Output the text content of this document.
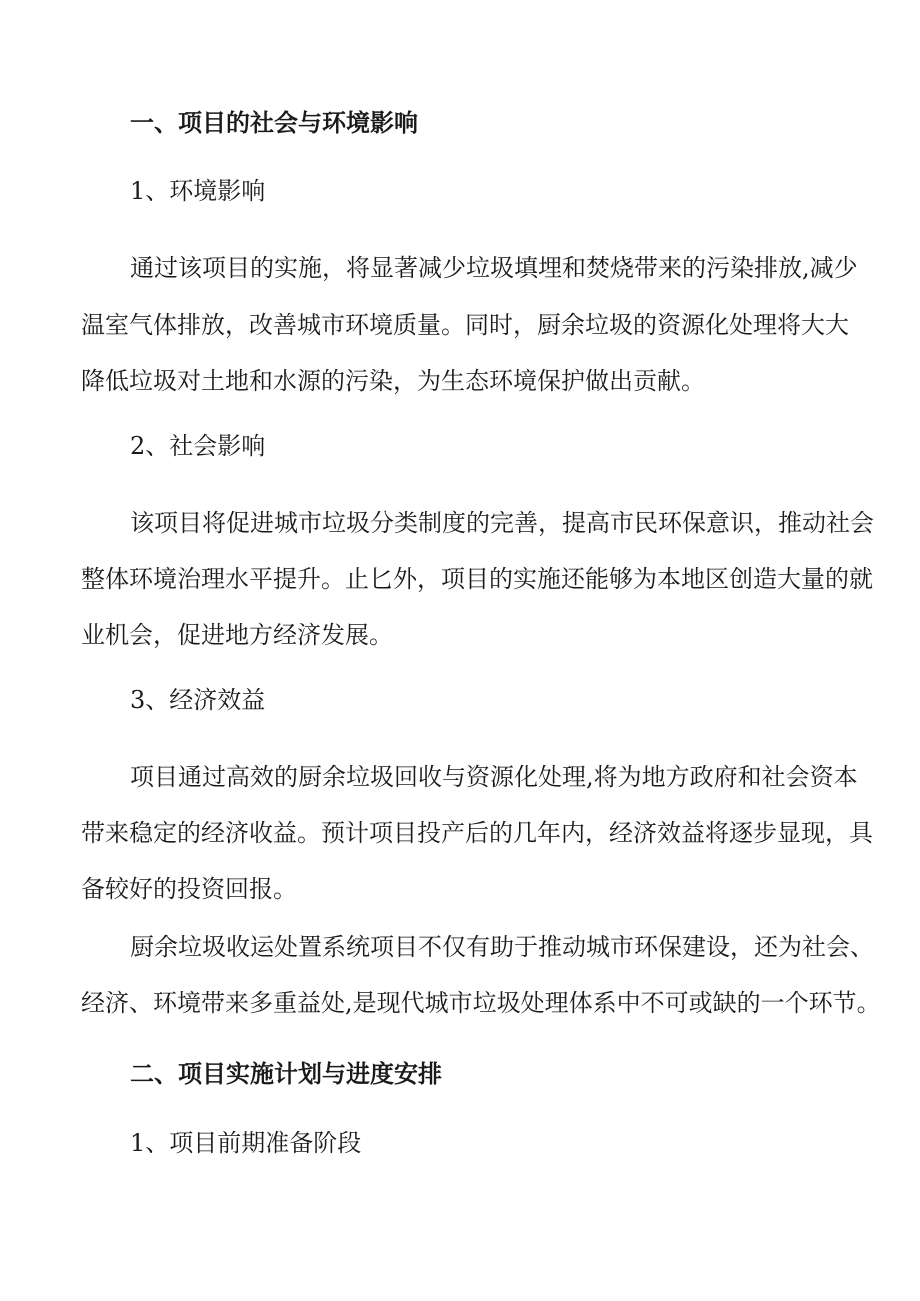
一、项目的社会与环境影响
1、环境影响
通过该项目的实施，将显著减少垃圾填埋和焚烧带来的污染排放,减少
温室气体排放，改善城市环境质量。同时，厨余垃圾的资源化处理将大大
降低垃圾对土地和水源的污染，为生态环境保护做出贡献。
2、社会影响
该项目将促进城市垃圾分类制度的完善，提高市民环保意识，推动社会
整体环境治理水平提升。止匕外，项目的实施还能够为本地区创造大量的就
业机会，促进地方经济发展。
3、经济效益
项目通过高效的厨余垃圾回收与资源化处理,将为地方政府和社会资本
带来稳定的经济收益。预计项目投产后的几年内，经济效益将逐步显现，具
备较好的投资回报。
厨余垃圾收运处置系统项目不仅有助于推动城市环保建设，还为社会、
经济、环境带来多重益处,是现代城市垃圾处理体系中不可或缺的一个环节。
二、项目实施计划与进度安排
1、项目前期准备阶段
